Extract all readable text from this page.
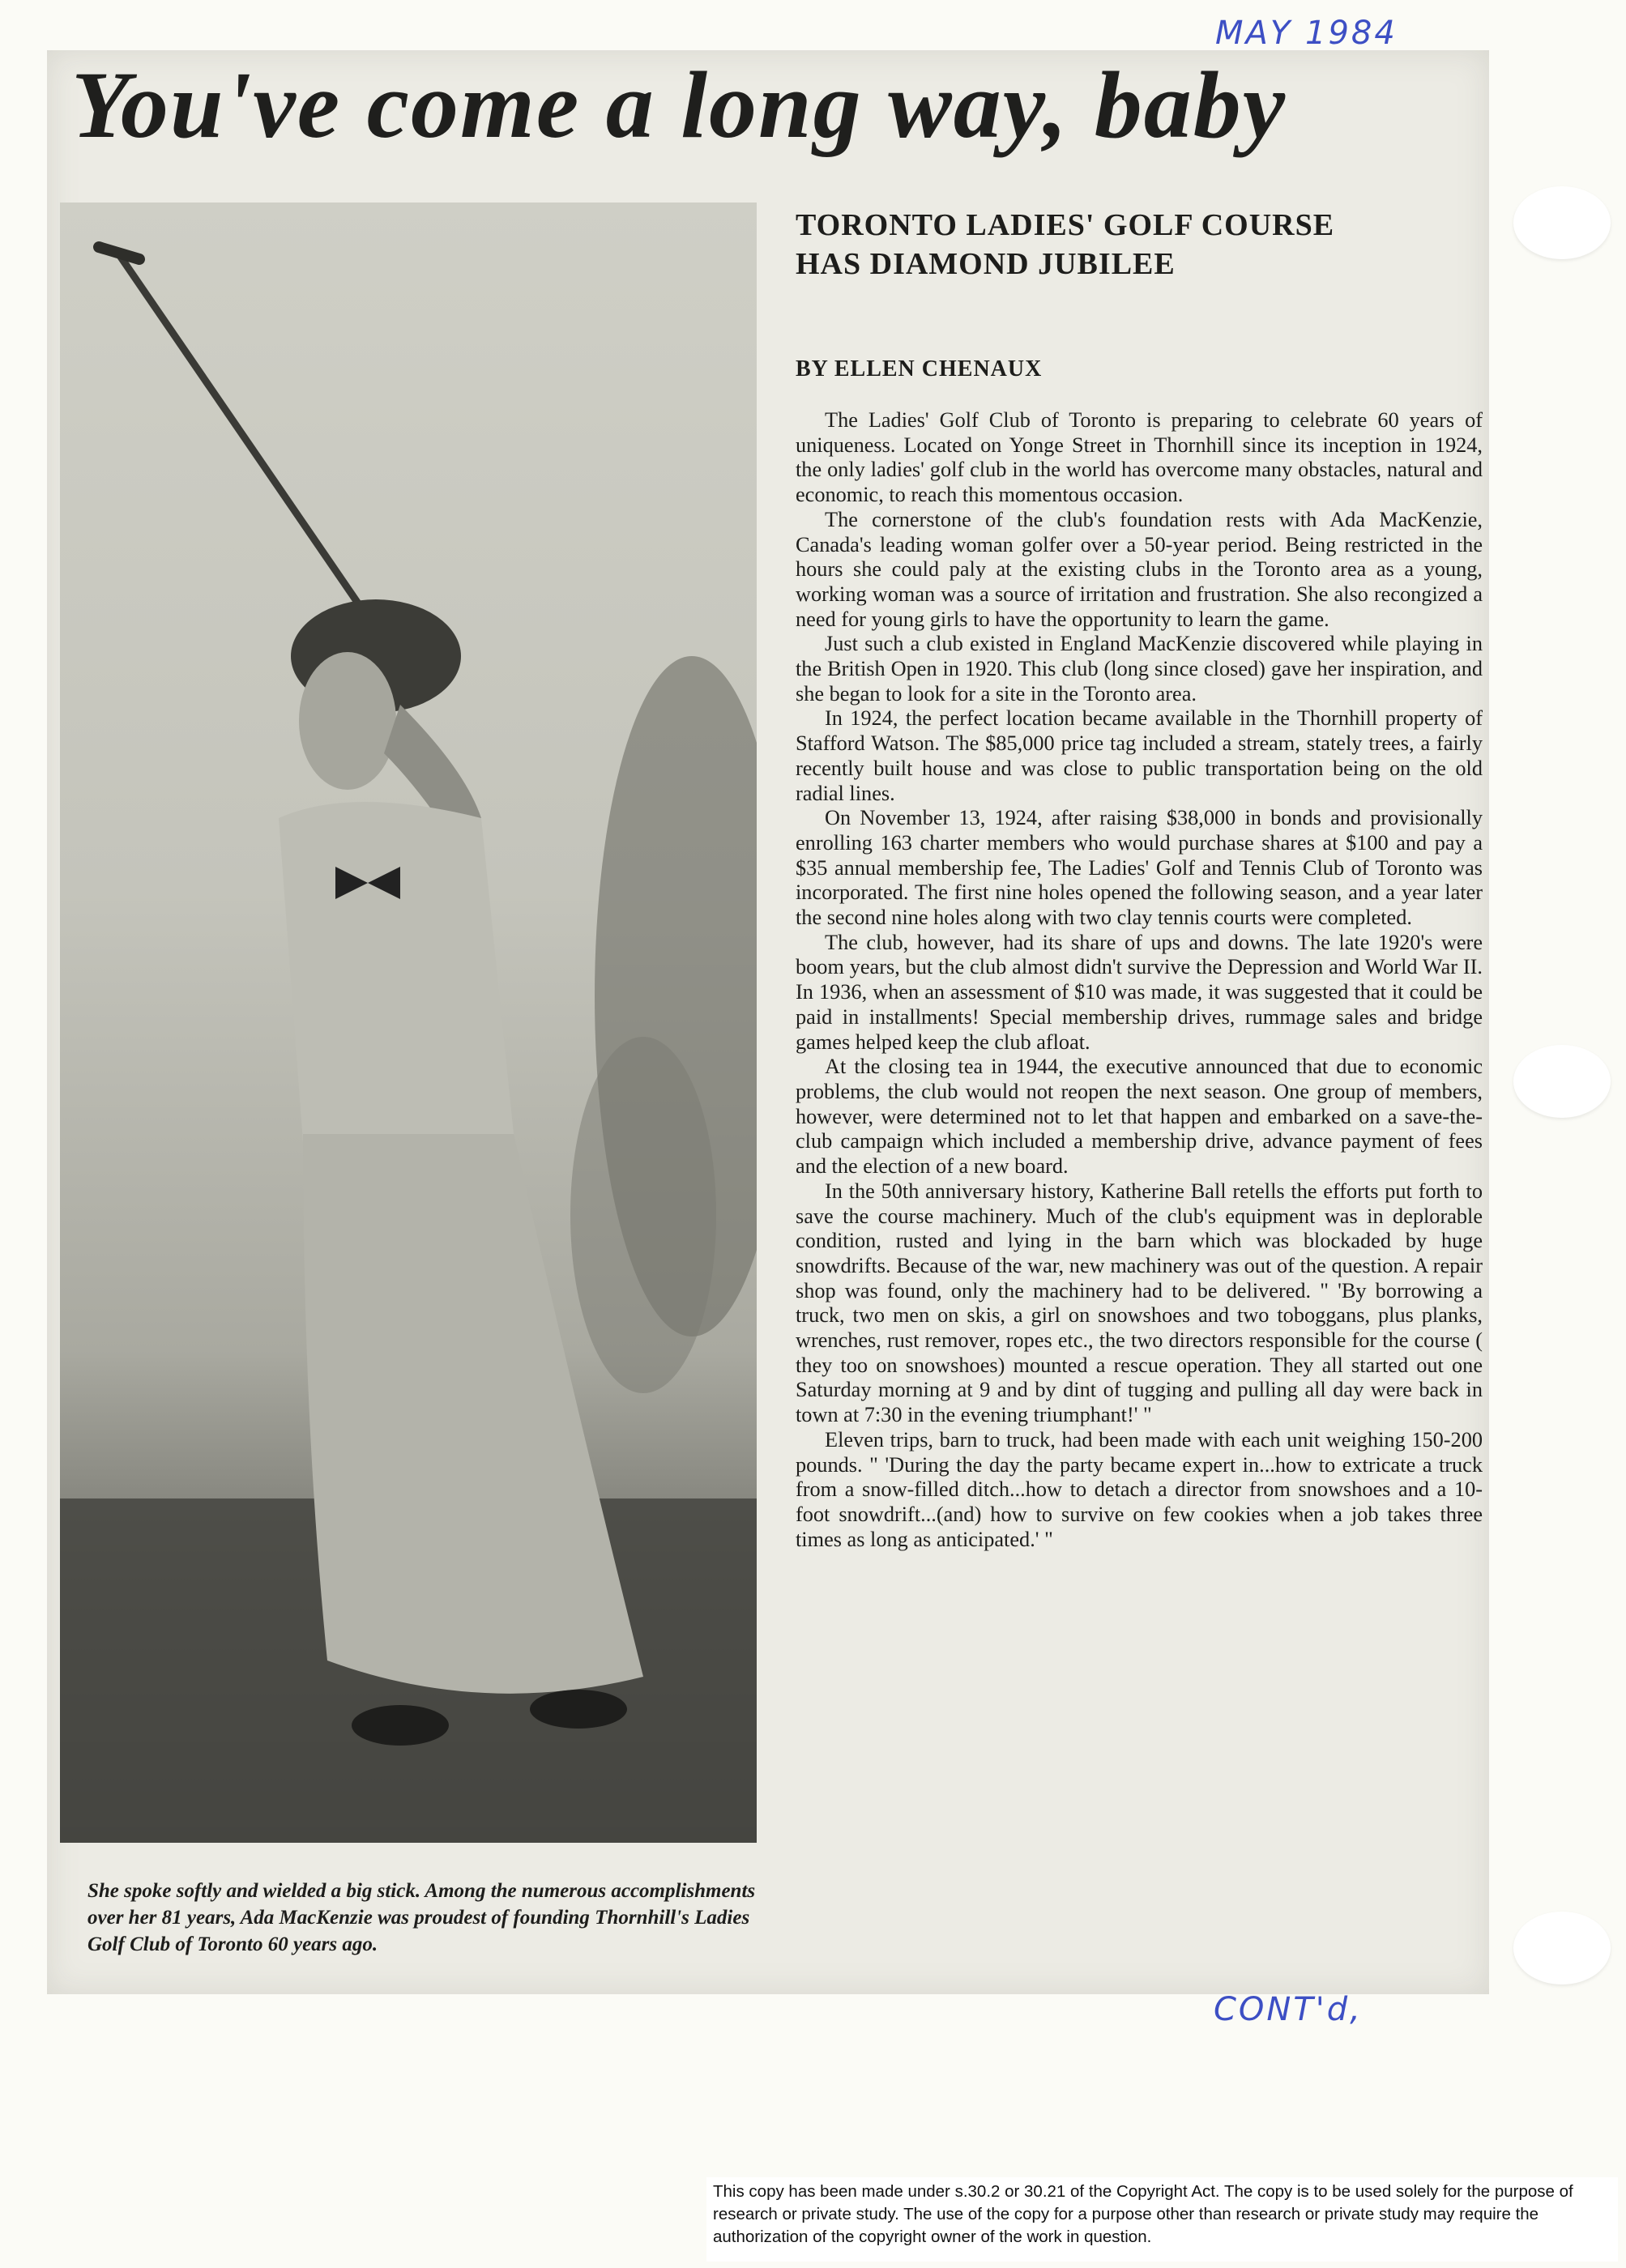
MAY 1984
You've come a long way, baby
She spoke softly and wielded a big stick. Among the numerous accomplishments over her 81 years, Ada MacKenzie was proudest of founding Thornhill's Ladies Golf Club of Toronto 60 years ago.
TORONTO LADIES' GOLF COURSE
HAS DIAMOND JUBILEE
BY ELLEN CHENAUX

The Ladies' Golf Club of Toronto is preparing to celebrate 60 years of uniqueness. Located on Yonge Street in Thornhill since its inception in 1924, the only ladies' golf club in the world has overcome many obstacles, natural and economic, to reach this momentous occasion.

The cornerstone of the club's foundation rests with Ada MacKenzie, Canada's leading woman golfer over a 50-year period. Being restricted in the hours she could paly at the existing clubs in the Toronto area as a young, working woman was a source of irritation and frustration. She also recongized a need for young girls to have the opportunity to learn the game.

Just such a club existed in England MacKenzie discovered while playing in the British Open in 1920. This club (long since closed) gave her inspiration, and she began to look for a site in the Toronto area.

In 1924, the perfect location became available in the Thornhill property of Stafford Watson. The $85,000 price tag included a stream, stately trees, a fairly recently built house and was close to public transportation being on the old radial lines.

On November 13, 1924, after raising $38,000 in bonds and provisionally enrolling 163 charter members who would purchase shares at $100 and pay a $35 annual membership fee, The Ladies' Golf and Tennis Club of Toronto was incorporated. The first nine holes opened the following season, and a year later the second nine holes along with two clay tennis courts were completed.

The club, however, had its share of ups and downs. The late 1920's were boom years, but the club almost didn't survive the Depression and World War II. In 1936, when an assessment of $10 was made, it was suggested that it could be paid in installments! Special membership drives, rummage sales and bridge games helped keep the club afloat.

At the closing tea in 1944, the executive announced that due to economic problems, the club would not reopen the next season. One group of members, however, were determined not to let that happen and embarked on a save-the-club campaign which included a membership drive, advance payment of fees and the election of a new board.

In the 50th anniversary history, Katherine Ball retells the efforts put forth to save the course machinery. Much of the club's equipment was in deplorable condition, rusted and lying in the barn which was blockaded by huge snowdrifts. Because of the war, new machinery was out of the question. A repair shop was found, only the machinery had to be delivered. " 'By borrowing a truck, two men on skis, a girl on snowshoes and two toboggans, plus planks, wrenches, rust remover, ropes etc., the two directors responsible for the course ( they too on snowshoes) mounted a rescue operation. They all started out one Saturday morning at 9 and by dint of tugging and pulling all day were back in town at 7:30 in the evening triumphant!' "

Eleven trips, barn to truck, had been made with each unit weighing 150-200 pounds. " 'During the day the party became expert in...how to extricate a truck from a snow-filled ditch...how to detach a director from snowshoes and a 10-foot snowdrift...(and) how to survive on few cookies when a job takes three times as long as anticipated.' "

CONT'd,
This copy has been made under s.30.2 or 30.21 of the Copyright Act. The copy is to be used solely for the purpose of research or private study. The use of the copy for a purpose other than research or private study may require the authorization of the copyright owner of the work in question.
